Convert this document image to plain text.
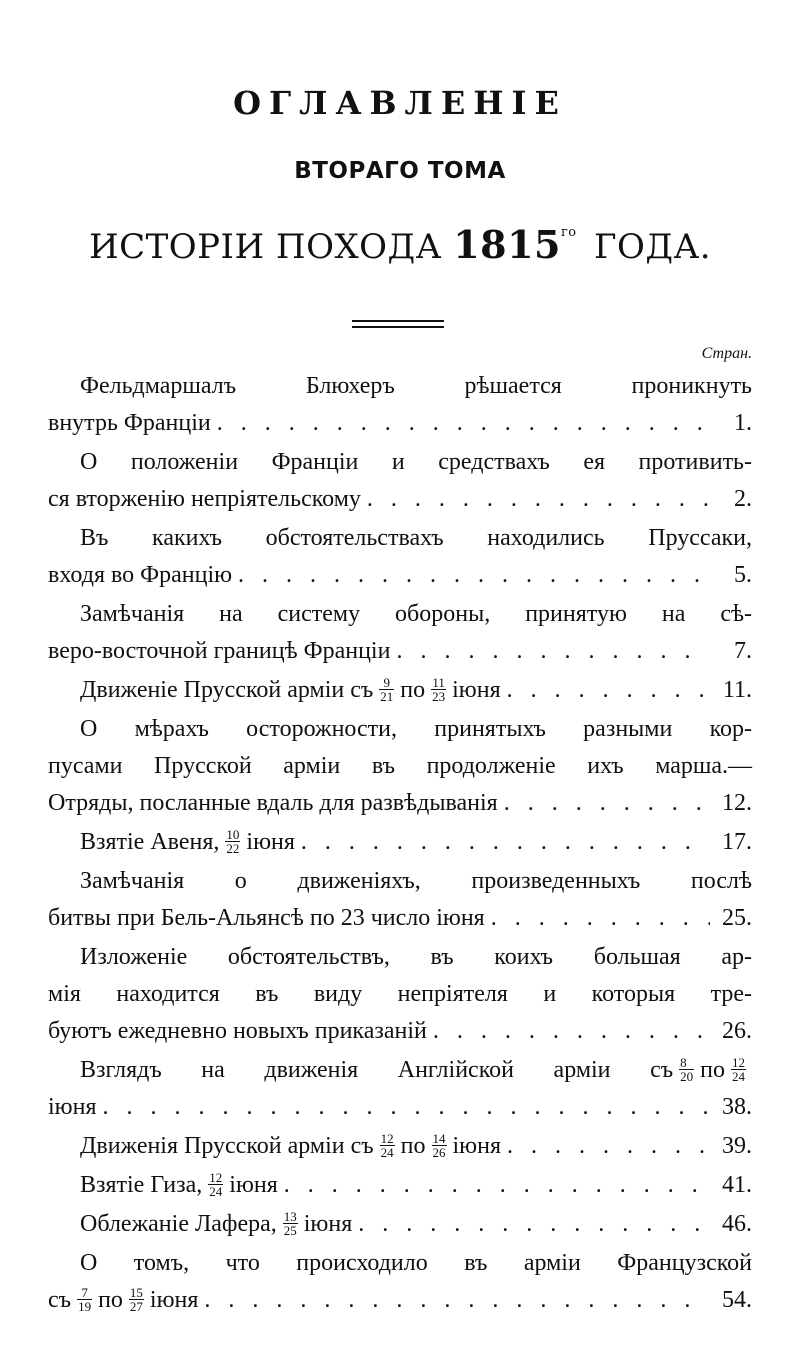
ОГЛАВЛЕНІЕ
ВТОРАГО ТОМА
ИСТОРІИ ПОХОДА $1815^{го}$ ГОДА.
Стран.
Фельдмаршалъ Блюхеръ рѣшается проникнуть
внутрь Франціи . . .	1.
О положеніи Франціи и средствахъ ея противить-
ся вторженію непріятельскому . . .	2.
Въ какихъ обстоятельствахъ находились Пруссаки,
входя во Францію . . .	5.
Замѣчанія на систему обороны, принятую на сѣ-
веро-восточной границѣ Франціи . . .	7.
Движеніе Прусской арміи съ $\frac{9}{21}$ по $\frac{11}{23}$ іюня . . .	11.
О мѣрахъ осторожности, принятыхъ разными кор-
пусами Прусской арміи въ продолженіе ихъ марша.—
Отряды, посланные вдаль для развѣдыванія . . .	12.
Взятіе Авеня, $\frac{10}{22}$ іюня . . .	17.
Замѣчанія о движеніяхъ, произведенныхъ послѣ
битвы при Бель-Альянсѣ по 23 число іюня . . .	25.
Изложеніе обстоятельствъ, въ коихъ большая ар-
мія находится въ виду непріятеля и которыя тре-
буютъ ежедневно новыхъ приказаній . . .	26.
Взглядъ на движенія Англійской арміи съ $\frac{8}{20}$ по $\frac{12}{24}$
іюня . . .	38.
Движенія Прусской арміи съ $\frac{12}{24}$ по $\frac{14}{26}$ іюня . . .	39.
Взятіе Гиза, $\frac{12}{24}$ іюня . . .	41.
Облежаніе Лафера, $\frac{13}{25}$ іюня . . .	46.
О томъ, что происходило въ арміи Французской
съ $\frac{7}{19}$ по $\frac{15}{27}$ іюня . . .	54.
